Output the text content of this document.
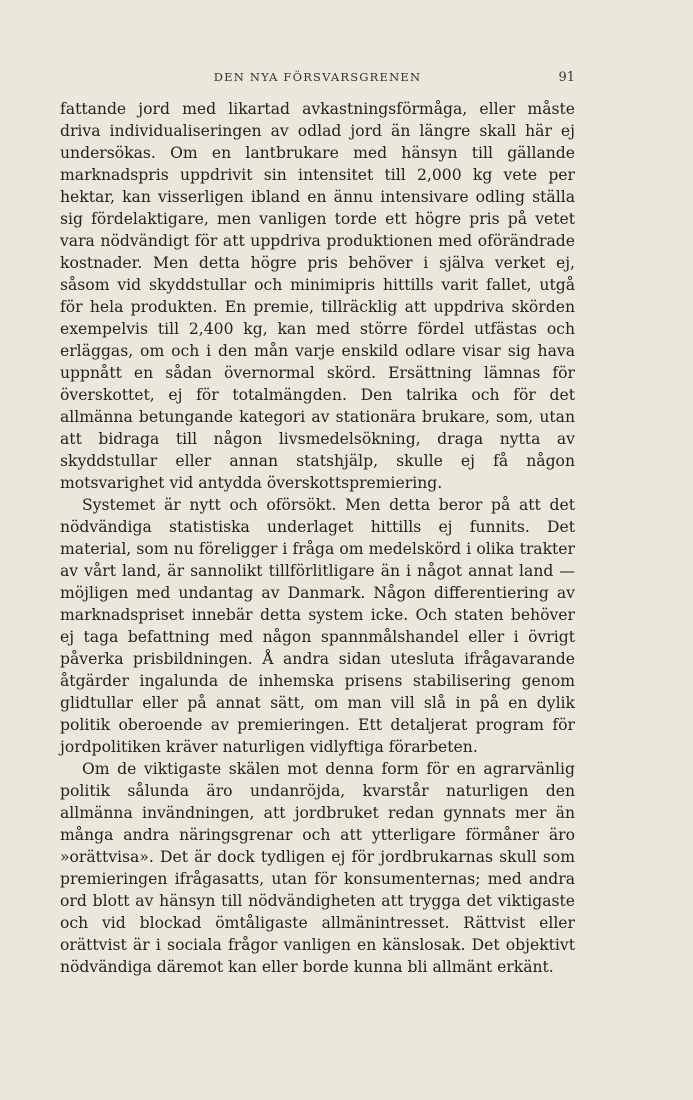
DEN NYA FÖRSVARSGRENEN	91

fattande jord med likartad avkastningsförmåga, eller måste driva individualiseringen av odlad jord än längre skall här ej undersökas. Om en lantbrukare med hänsyn till gällande marknadspris uppdrivit sin intensitet till 2,000 kg vete per hektar, kan visserligen ibland en ännu intensivare odling ställa sig fördelaktigare, men vanligen torde ett högre pris på vetet vara nödvändigt för att uppdriva produktionen med oförändrade kostnader. Men detta högre pris behöver i själva verket ej, såsom vid skyddstullar och minimipris hittills varit fallet, utgå för hela produkten. En premie, tillräcklig att uppdriva skörden exempelvis till 2,400 kg, kan med större fördel utfästas och erläggas, om och i den mån varje enskild odlare visar sig hava uppnått en sådan övernormal skörd. Ersättning lämnas för överskottet, ej för totalmängden. Den talrika och för det allmänna betungande kategori av stationära brukare, som, utan att bidraga till någon livsmedelsökning, draga nytta av skyddstullar eller annan statshjälp, skulle ej få någon motsvarighet vid antydda överskottspremiering.

Systemet är nytt och oförsökt. Men detta beror på att det nödvändiga statistiska underlaget hittills ej funnits. Det material, som nu föreligger i fråga om medelskörd i olika trakter av vårt land, är sannolikt tillförlitligare än i något annat land — möjligen med undantag av Danmark. Någon differentiering av marknadspriset innebär detta system icke. Och staten behöver ej taga befattning med någon spannmålshandel eller i övrigt påverka prisbildningen. Å andra sidan utesluta ifrågavarande åtgärder ingalunda de inhemska prisens stabilisering genom glidtullar eller på annat sätt, om man vill slå in på en dylik politik oberoende av premieringen. Ett detaljerat program för jordpolitiken kräver naturligen vidlyftiga förarbeten.

Om de viktigaste skälen mot denna form för en agrarvänlig politik sålunda äro undanröjda, kvarstår naturligen den allmänna invändningen, att jordbruket redan gynnats mer än många andra näringsgrenar och att ytterligare förmåner äro »orättvisa». Det är dock tydligen ej för jordbrukarnas skull som premieringen ifrågasatts, utan för konsumenternas; med andra ord blott av hänsyn till nödvändigheten att trygga det viktigaste och vid blockad ömtåligaste allmänintresset. Rättvist eller orättvist är i sociala frågor vanligen en känslosak. Det objektivt nödvändiga däremot kan eller borde kunna bli allmänt erkänt.
